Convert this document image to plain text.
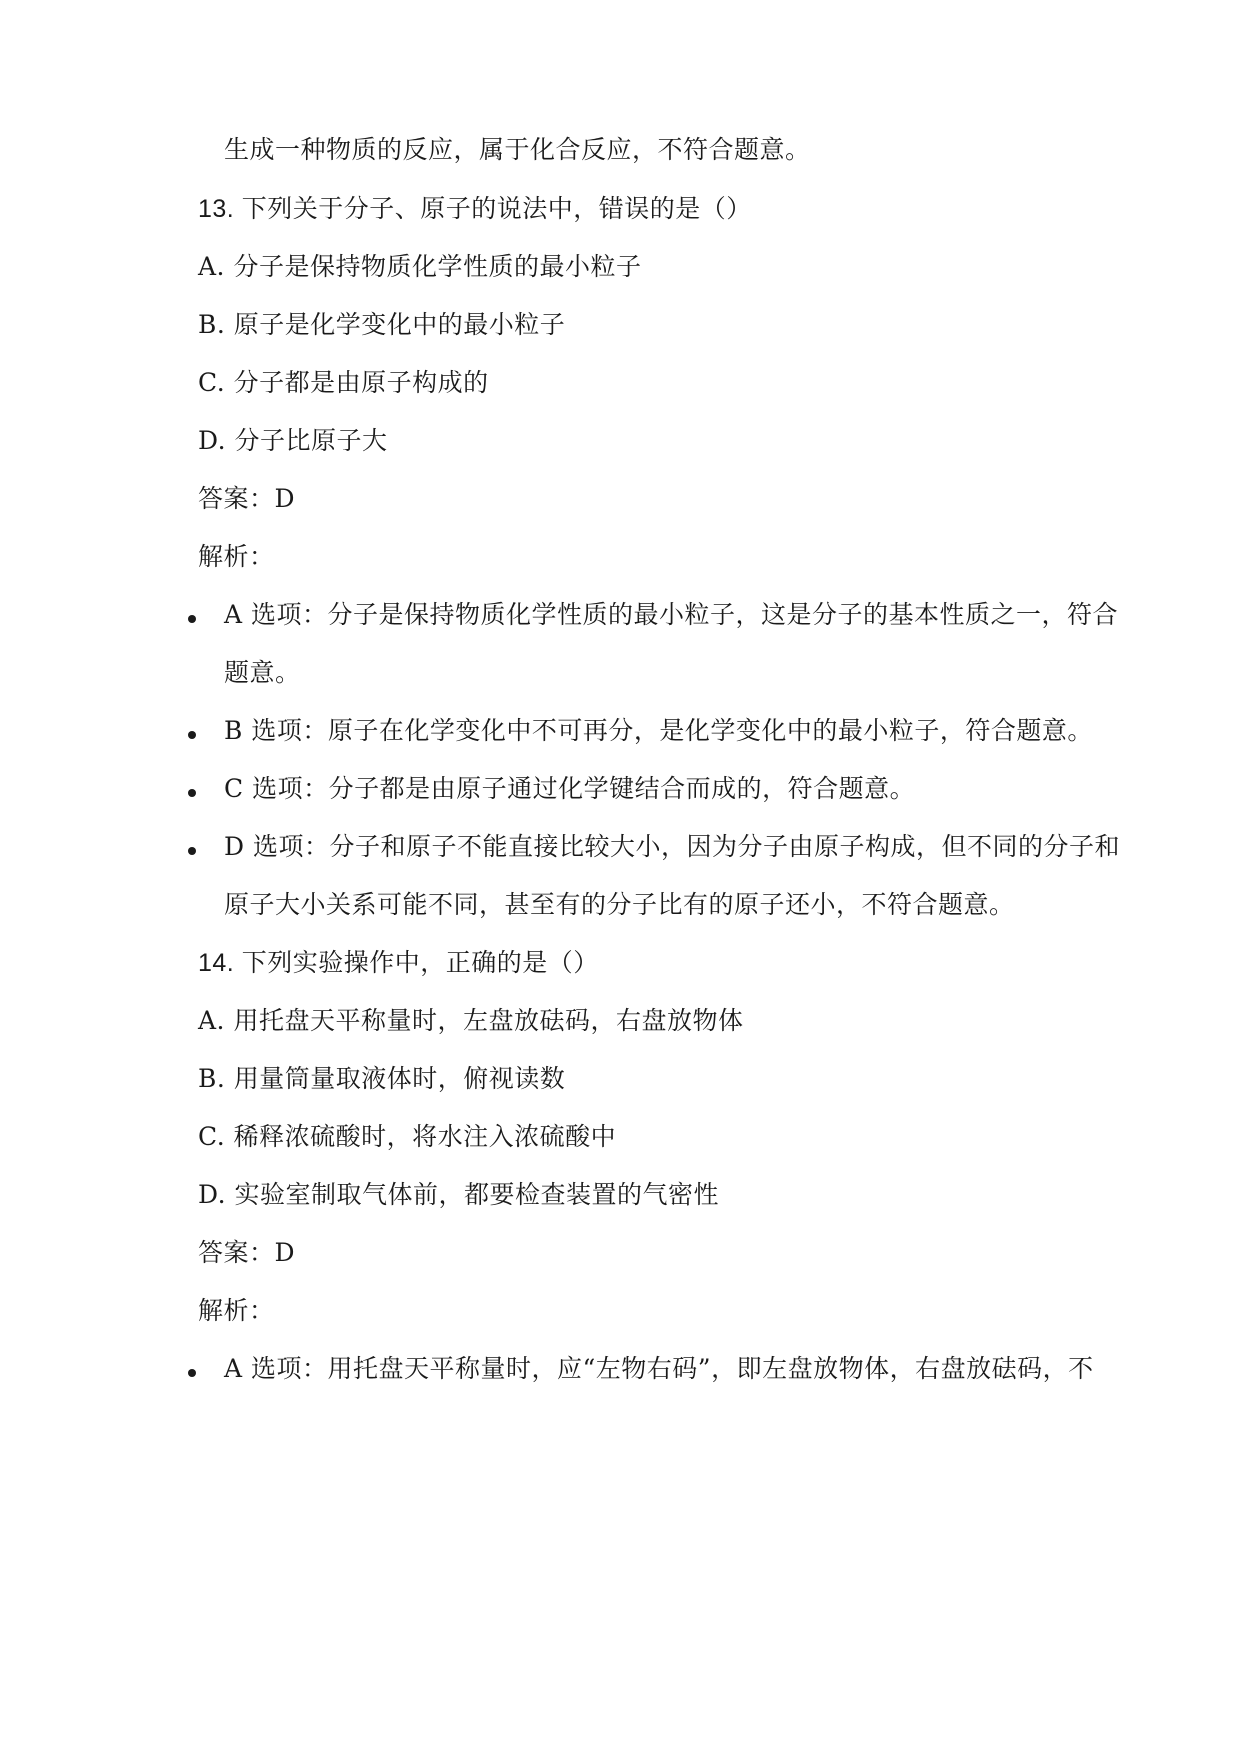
生成一种物质的反应，属于化合反应，不符合题意。
13. 下列关于分子、原子的说法中，错误的是（）
A. 分子是保持物质化学性质的最小粒子
B. 原子是化学变化中的最小粒子
C. 分子都是由原子构成的
D. 分子比原子大
答案：D
解析：
A 选项：分子是保持物质化学性质的最小粒子，这是分子的基本性质之一，符合
题意。
B 选项：原子在化学变化中不可再分，是化学变化中的最小粒子，符合题意。
C 选项：分子都是由原子通过化学键结合而成的，符合题意。
D 选项：分子和原子不能直接比较大小，因为分子由原子构成，但不同的分子和
原子大小关系可能不同，甚至有的分子比有的原子还小，不符合题意。
14. 下列实验操作中，正确的是（）
A. 用托盘天平称量时，左盘放砝码，右盘放物体
B. 用量筒量取液体时，俯视读数
C. 稀释浓硫酸时，将水注入浓硫酸中
D. 实验室制取气体前，都要检查装置的气密性
答案：D
解析：
A 选项：用托盘天平称量时，应“左物右码”，即左盘放物体，右盘放砝码，不
